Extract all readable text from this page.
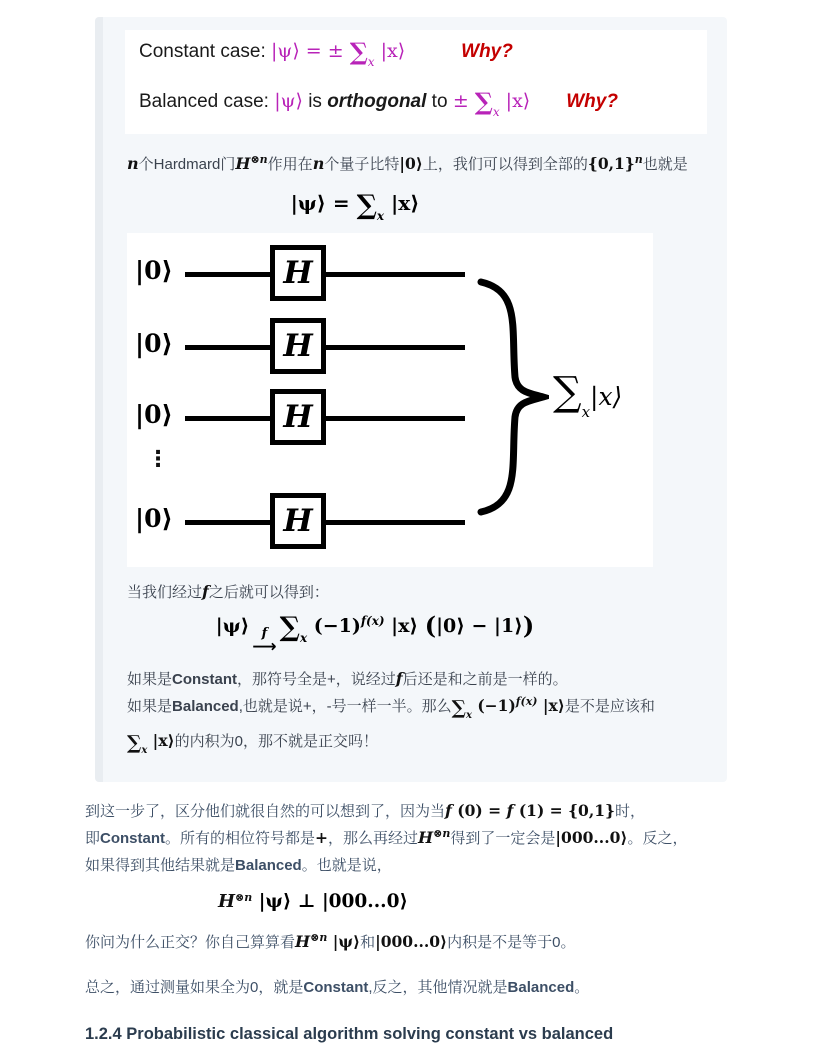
Constant case: |ψ⟩ = ± $\sum_x$ |x⟩	Why?
Balanced case: |ψ⟩ is orthogonal to ± $\sum_x$ |x⟩ Why?
n个Hardmard门$H^{\otimes n}$作用在n个量子比特|0⟩上，我们可以得到全部的$\{0,1\}^n$也就是
|ψ⟩ = $\sum_x$ |x⟩
|0⟩
|0⟩
|0⟩
|0⟩
H
H
H
H
⋮
∑x|x⟩
当我们经过f之后就可以得到：
|ψ⟩ f
⟶
$\sum_x$ $(-1)^{f(x)}$ |x⟩ (|0⟩ − |1⟩)
如果是Constant，那符号全是+，说经过f后还是和之前是一样的。
如果是Balanced,也就是说+，-号一样一半。那么$\sum_x$ $(-1)^{f(x)}$ |x⟩是不是应该和
$\sum_x$ |x⟩的内积为0，那不就是正交吗！
到这一步了，区分他们就很自然的可以想到了，因为当f (0) = f (1) = {0,1}时，
即Constant。所有的相位符号都是+，那么再经过$H^{\otimes n}$得到了一定会是|000...0⟩。反之，
如果得到其他结果就是Balanced。也就是说，
$H^{\otimes n}$ |ψ⟩ ⊥ |000...0⟩
你问为什么正交？你自己算算看$H^{\otimes n}$ |ψ⟩和|000...0⟩内积是不是等于0。
总之，通过测量如果全为0，就是Constant,反之，其他情况就是Balanced。
1.2.4 Probabilistic classical algorithm solving constant vs balanced
